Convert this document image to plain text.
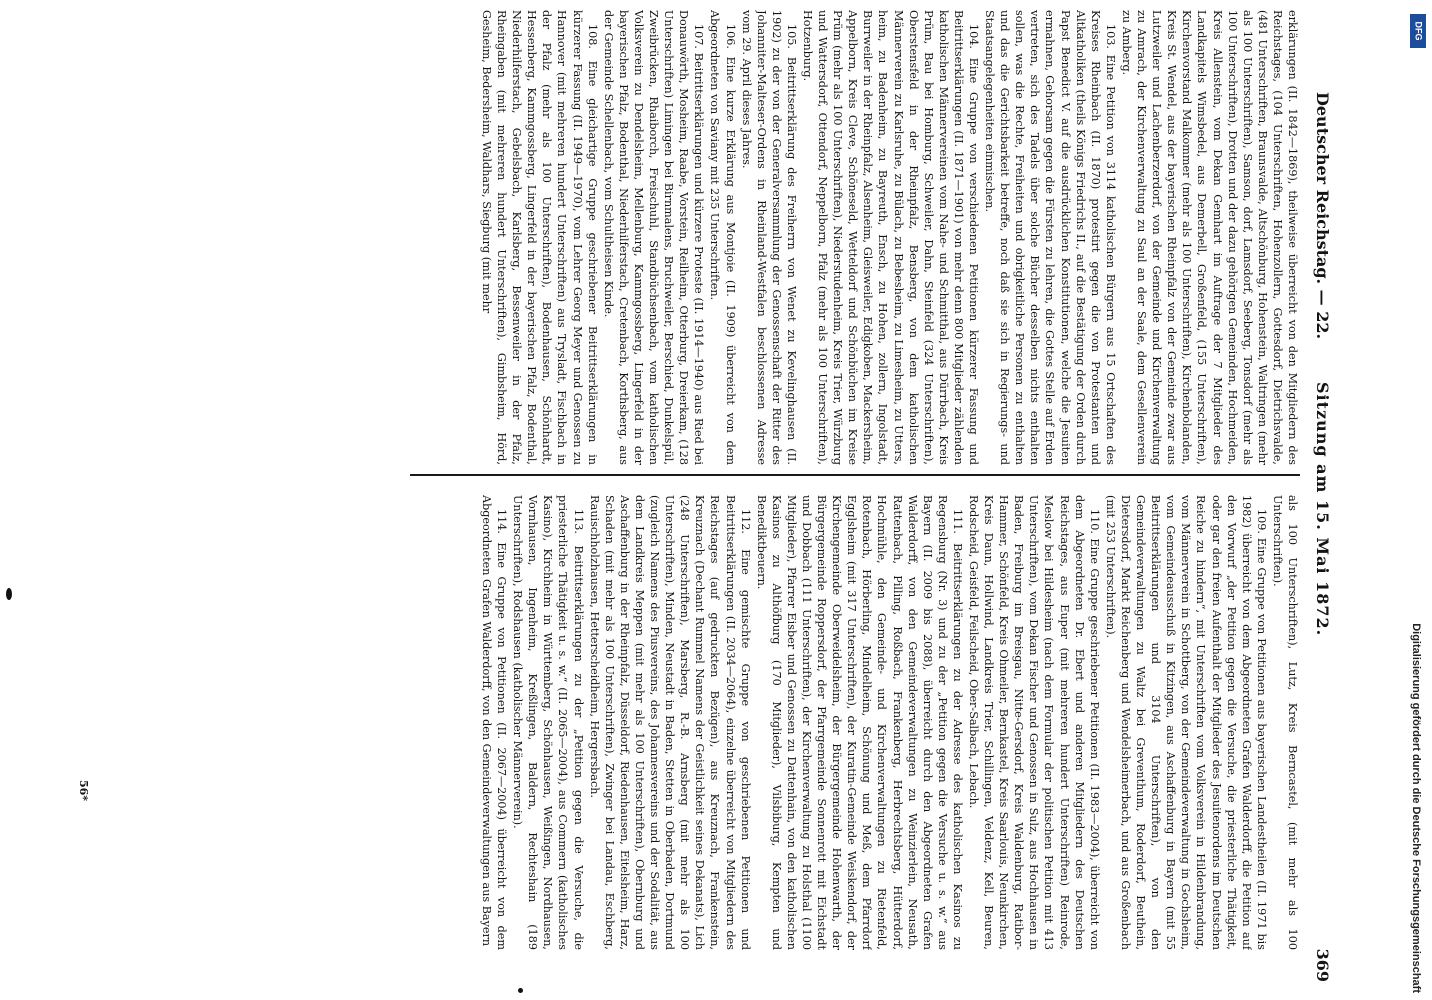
Deutscher Reichstag. — 22.
Sitzung am 15. Mai 1872.
369

erklärungen (II. 1842—1869), theilweise überreicht von den Mitgliedern des Reichstages, (104 Unterschriften, Hohenzollern, Gottesdorf, Dietrichsvalde, (481 Unterschriften, Braunsvalde, Altschönburg, Hohenstein, Waltringen (mehr als 100 Unterschriften), Samson, dorf, Lamsdorf, Seeberg, Tonsdorf (mehr als 100 Unterschriften), Drotten und der dazu gehörigen Gemeinden, Hochmeiden, Kreis Allenstein, vom Dekan Gemhart im Auftrage der 7 Mitglieder des Landkapitels Wimsbedel, aus Demerbell, Großenfeld, (155 Unterschriften), Kirchenvorstand Malkommer (mehr als 100 Unterschriften), Kirchenbolanden, Kreis St. Wendel, aus der bayerischen Rheinpfalz von der Gemeinde zwar aus Lutzweiler und Lachenberzerdorf, von der Gemeinde und Kirchenverwaltung zu Amrach, der Kirchenverwaltung zu Saul an der Saale, dem Gesellenverein zu Amberg.

103. Eine Petition von 3114 katholischen Bürgern aus 15 Ortschaften des Kreises Rheinbach (II. 1870) protestirt gegen die von Protestanten und Altkatholiken (theils Königs Friedrichs II., auf die Bestätigung der Orden durch Papst Benedict V. auf die ausdrücklichen Konstitutionen, welche die Jesuiten ermahnen, Gehorsam gegen die Fürsten zu lehren, die Gottes Stelle auf Erden vertreten, sich des Tadels über solche Bücher desselben nichts enthalten sollen, was die Rechte, Freiheiten und obrigkeitliche Personen zu enthalten und das die Gerichtsbarkeit betreffe, noch daß sie sich in Regierungs- und Staatsangelegenheiten einmischen.

104. Eine Gruppe von verschiedenen Petitionen kürzerer Fassung und Beitrittserklärungen (II. 1871—1901) von mehr denn 800 Mitglieder zählenden katholischen Männervereinen vom Nahe- und Schmitthal, aus Dürrbach, Kreis Prüm, Bau bei Homburg, Schweiler, Dahn, Steinfeld (324 Unterschriften), Oberstensfeld in der Rheinpfalz, Bensberg, von dem katholischen Männerverein zu Karlsruhe, zu Bülach, zu Bebesheim, zu Limesheim, zu Utters, heim, zu Badenheim, zu Bayreuth, Ensch, zu Hohen, zollern, Ingolstadt, Burrweiler in der Rheinpfalz, Alsenheim, Gleisweiler, Edigkoben, Mackersheim, Appelborn, Kreis Cleve, Schöneseld, Wetteldorf und Schönbüchen im Kreise Prüm (mehr als 100 Unterschriften), Niederstudenheim, Kreis Trier, Würzburg und Wattersdorf, Ottendorf, Neppelborn, Pfalz (mehr als 100 Unterschriften), Hotzenburg.

105. Beitrittserklärung des Freiherrn von Wenet zu Kevelinghausen (II. 1902) zu der von der Generalversammlung der Genossenschaft der Ritter des Johanniter-Malteser-Ordens in Rheinland-Westfalen beschlossenen Adresse vom 29. April dieses Jahres.

106. Eine kurze Erklärung aus Montjoie (II. 1909) überreicht von dem Abgeordneten von Saviany mit 235 Unterschriften.

107. Beitrittserklärungen und kürzere Proteste (II. 1914—1940) aus Ried bei Donauwörth, Mosheim, Raabe, Vorstein, Reilheim, Otterburg, Dreierkam, (128 Unterschriften) Limingen bei Birnmalens, Bruchweiler, Berschied, Dunkelspül, Zweibrücken, Rhaiborch, Freischuhl, Standbüchsenbach, vom katholischen Volksverein zu Dendelsheim, Mellenburg, Kammgossberg, Lingerfeld in der bayerischen Pfalz, Bodenthal, Niederhilferstach, Cretenbach, Korthsberg, aus der Gemeinde Schellenbach, vom Schultheisen Kinde.

108. Eine gleichartige Gruppe geschriebener Beitrittserklärungen in kürzerer Fassung (II. 1949—1970), vom Lehrer Georg Meyer und Genossen zu Hannover (mit mehreren hundert Unterschriften) aus Trysladt, Fischbach in der Pfalz (mehr als 100 Unterschriften), Bodenhausen, Schönhardt, Hessenberg, Kammgossberg, Lingerfeld in der bayerischen Pfalz, Bodenthal, Niederhilferstach, Gebelsbach, Karlsberg, Bessenweiler in der Pfalz, Rheingaben (mit mehreren hundert Unterschriften), Gimbsheim, Hörd, Gesheim, Bedersheim, Waldhars, Siegburg (mit mehr

als 100 Unterschriften), Lutz, Kreis Berncastel, (mit mehr als 100 Unterschriften).

109. Eine Gruppe von Petitionen aus bayerischen Landestheilen (II. 1971 bis 1982) überreicht von dem Abgeordneten Grafen Walderdorff, die Petition auf den Vorwurf „der Petition gegen die Versuche, die priesterliche Thätigkeit, oder gar den freien Aufenthalt der Mitglieder des Jesuitenordens im Deutschen Reiche zu hindern“, mit Unterschriften vom Volksverein in Hildenbrandung, vom Männerverein in Schottberg, von der Gemeindeverwaltung in Gochsheim, vom Gemeindeausschuß in Kitzingen, aus Aschaffenburg in Bayern (mit 55 Beitrittserklärungen und 3104 Unterschriften), von den Gemeindeverwaltungen zu Waltz bei Greventhum, Roderdorf, Beuthein, Dietersdorf, Markt Reichenberg und Wendelsheimerbach, und aus Großenbach (mit 253 Unterschriften).

110. Eine Gruppe geschriebener Petitionen (II. 1983—2004), überreicht von dem Abgeordneten Dr. Ebert und anderen Mitgliedern des Deutschen Reichstages, aus Euper (mit mehreren hundert Unterschriften) Reinrode, Meslow bei Hildesheim (nach dem Formular der politischen Petition mit 413 Unterschriften), vom Dekan Fischer und Genossen in Sulz, aus Hochhausen in Baden, Freiburg im Breisgau, Nitte-Gersdorf, Kreis Waldenburg, Ratibor-Hammer, Schönfeld, Kreis Ohmeiler, Bernkastel, Kreis Saarlouis, Neunkirchen, Kreis Daun, Hollwind, Landkreis Trier, Schillingen, Veldenz, Kell, Beuren, Rodscheid, Geisfeld, Feilscheid, Ober-Salbach, Lebach.

111. Beitrittserklärungen zu der Adresse des katholischen Kasinos zu Regensburg (Nr. 3) und zu der „Petition gegen die Versuche u. s. w.“ aus Bayern (II. 2009 bis 2088), überreicht durch den Abgeordneten Grafen Walderdorff, von den Gemeindeverwaltungen zu Weinzierlein, Neusath, Rattenbach, Pilling, Roßbach, Frankenberg, Herbrechtsberg, Hütterdorf, Hochmühle, den Gemeinde- und Kirchenverwaltungen zu Rietenfeld, Rotenbach, Hörberling, Mindelheim, Schönung und Meß, dem Pfarrdorf Egglsheim (mit 317 Unterschriften), der Kuratin-Gemeinde Weiskendorf, der Kirchengemeinde Oberweidelsheim, der Bürgergemeinde Hohenwarth, der Bürgergemeinde Roppersdorf, der Pfarrgemeinde Sonnenrott mit Eichstadt und Dobbach (111 Unterschriften), der Kirchenverwaltung zu Holsthal (1100 Mitglieder), Pfarrer Eisber und Genossen zu Dattenhain, von den katholischen Kasinos zu Althöfburg (170 Mitglieder), Vilsbiburg, Kempten und Benediktbeuern.

112. Eine gemischte Gruppe von geschriebenen Petitionen und Beitrittserklärungen (II. 2034—2064), einzelne überreicht von Mitgliedern des Reichstages (auf gedruckten Bezügen), aus Kreuznach, Frankenstein, Kreuznach (Dechant Rummel Namens der Geistlichkeit seines Dekanats), Lich (248 Unterschriften), Marsberg, R.-B. Arnsberg (mit mehr als 100 Unterschriften), Minden, Neustadt in Baden, Stetten in Oberbaden, Dortmund (zugleich Namens des Piusvereins, des Johannesvereins und der Sodalität, aus dem Landkreis Meppen (mit mehr als 100 Unterschriften), Obernburg und Aschaffenburg in der Rheinpfalz, Düsseldorf, Riedenhausen, Eitelsheim, Harz, Schaden (mit mehr als 100 Unterschriften), Zwinger bei Landau, Eschberg, Rauischholzhausen, Hetterscheidheim, Hergersbach.

113. Beitrittserklärungen zu der „Petition gegen die Versuche, die priesterliche Thätigkeit u. s. w.“ (II. 2065—2004), aus Commern (katholisches Kasino), Kirchheim in Württemberg, Schönhausen, Weißingen, Nordhausen, Vornhausen, Ingenheim, Kreßlingen, Baldern, Rechteshain (189 Unterschriften), Rodshausen (katholischer Männerverein).

114. Eine Gruppe von Petitionen (II. 2067—2004) überreicht von dem Abgeordneten Grafen Walderdorff, von den Gemeindeverwaltungen aus Bayern

56*	Digitalisierung gefördert durch die Deutsche Forschungsgemeinschaft
DFG
